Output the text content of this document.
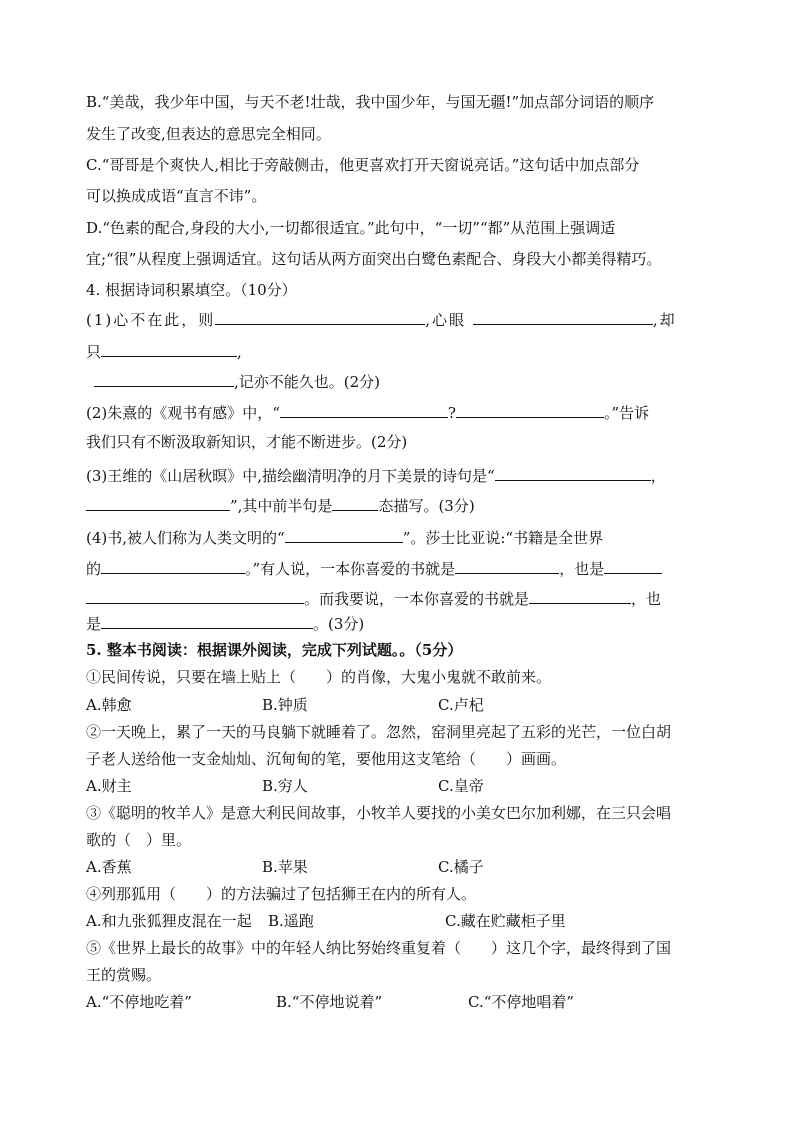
B.“美哉，我少年中国，与天不老!壮哉，我中国少年，与国无疆!”加点部分词语的顺序
发生了改变,但表达的意思完全相同。
C.“哥哥是个爽快人,相比于旁敲侧击，他更喜欢打开天窗说亮话。”这句话中加点部分
可以换成成语“直言不讳”。
D.“色素的配合,身段的大小,一切都很适宜。”此句中，“一切”“都”从范围上强调适
宜;“很”从程度上强调适宜。这句话从两方面突出白鹭色素配合、身段大小都美得精巧。
4. 根据诗词积累填空。（10分）
(1)心不在此，则	,心眼	,却
只	,
,记亦不能久也。(2分)
(2)朱熹的《观书有感》中，“	?	。”告诉
我们只有不断汲取新知识，才能不断进步。(2分)
(3)王维的《山居秋暝》中,描绘幽清明净的月下美景的诗句是“	，
”,其中前半句是	态描写。(3分)
(4)书,被人们称为人类文明的“	”。莎士比亚说:“书籍是全世界
的	。”有人说，一本你喜爱的书就是	，也是
。而我要说，一本你喜爱的书就是	，也
是	。(3分)
5. 整本书阅读：根据课外阅读，完成下列试题。。（5分）
①民间传说，只要在墙上贴上（　　）的肖像，大鬼小鬼就不敢前来。
A.韩愈	B.钟质	C.卢杞
②一天晚上，累了一天的马良躺下就睡着了。忽然，窑洞里亮起了五彩的光芒，一位白胡
子老人送给他一支金灿灿、沉甸甸的笔，要他用这支笔给（　　）画画。
A.财主	B.穷人	C.皇帝
③《聪明的牧羊人》是意大利民间故事，小牧羊人要找的小美女巴尔加利娜，在三只会唱
歌的（　）里。
A.香蕉	B.苹果	C.橘子
④列那狐用（　　）的方法骗过了包括狮王在内的所有人。
A.和九张狐狸皮混在一起 B.遥跑	C.藏在贮藏柜子里
⑤《世界上最长的故事》中的年轻人纳比努始终重复着（　　）这几个字，最终得到了国
王的赏赐。
A.“不停地吃着”	B.“不停地说着”	C.“不停地唱着”
